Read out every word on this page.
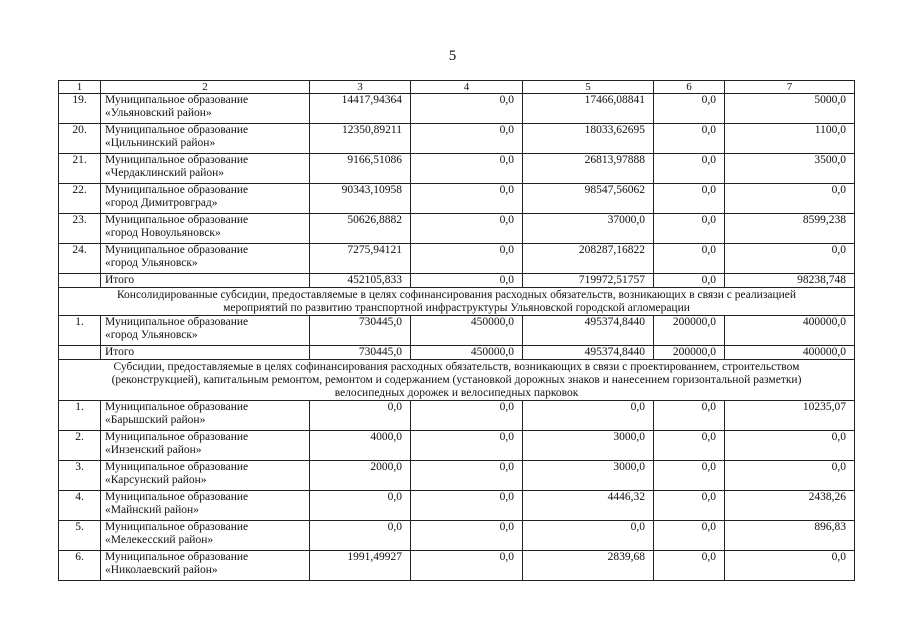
5
1	2	3	4	5	6	7
19.	Муниципальное образование
«Ульяновский район»	14417,94364	0,0	17466,08841	0,0	5000,0
20.	Муниципальное образование
«Цильнинский район»	12350,89211	0,0	18033,62695	0,0	1100,0
21.	Муниципальное образование
«Чердаклинский район»	9166,51086	0,0	26813,97888	0,0	3500,0
22.	Муниципальное образование
«город Димитровград»	90343,10958	0,0	98547,56062	0,0	0,0
23.	Муниципальное образование
«город Новоульяновск»	50626,8882	0,0	37000,0	0,0	8599,238
24.	Муниципальное образование
«город Ульяновск»	7275,94121	0,0	208287,16822	0,0	0,0
	Итого	452105,833	0,0	719972,51757	0,0	98238,748

Консолидированные субсидии, предоставляемые в целях софинансирования расходных обязательств, возникающих в связи с реализацией
мероприятий по развитию транспортной инфраструктуры Ульяновской городской агломерации						

1.	Муниципальное образование
«город Ульяновск»	730445,0	450000,0	495374,8440	200000,0	400000,0
	Итого	730445,0	450000,0	495374,8440	200000,0	400000,0

Субсидии, предоставляемые в целях софинансирования расходных обязательств, возникающих в связи с проектированием, строительством
(реконструкцией), капитальным ремонтом, ремонтом и содержанием (установкой дорожных знаков и нанесением горизонтальной разметки)
велосипедных дорожек и велосипедных парковок						

1.	Муниципальное образование
«Барышский район»	0,0	0,0	0,0	0,0	10235,07
2.	Муниципальное образование
«Инзенский район»	4000,0	0,0	3000,0	0,0	0,0
3.	Муниципальное образование
«Карсунский район»	2000,0	0,0	3000,0	0,0	0,0
4.	Муниципальное образование
«Майнский район»	0,0	0,0	4446,32	0,0	2438,26
5.	Муниципальное образование
«Мелекесский район»	0,0	0,0	0,0	0,0	896,83
6.	Муниципальное образование
«Николаевский район»	1991,49927	0,0	2839,68	0,0	0,0
